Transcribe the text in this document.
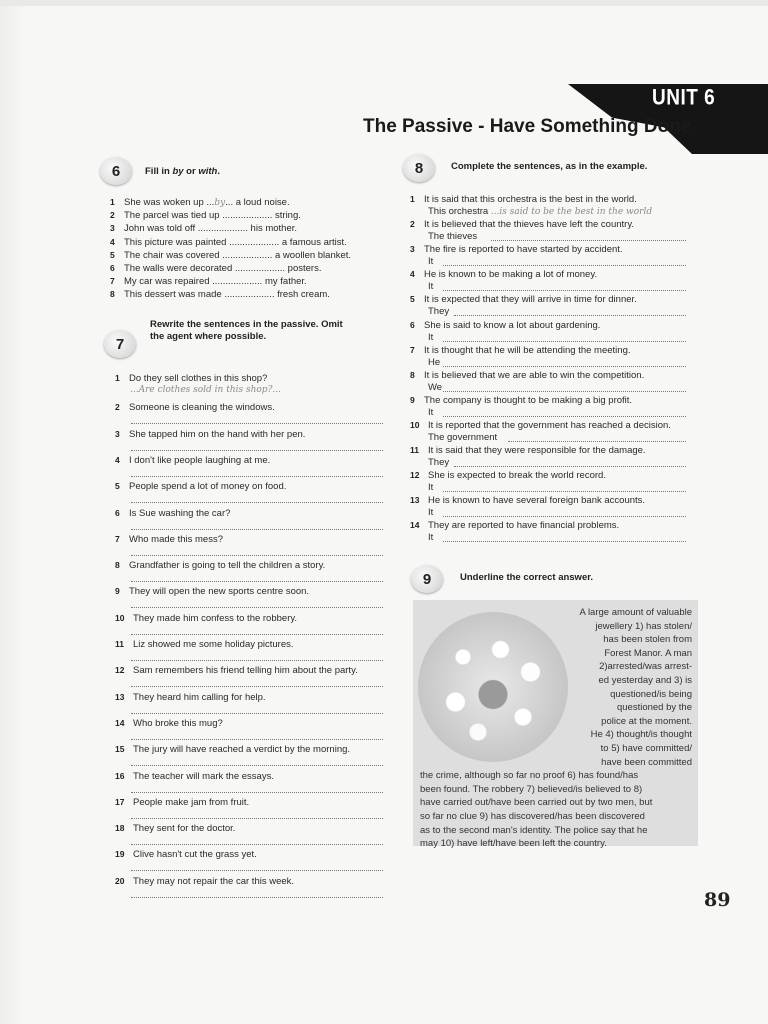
UNIT 6
The Passive - Have Something Done
6	Fill in by or with.
1 She was woken up ...by... a loud noise.
2 The parcel was tied up ................... string.
3 John was told off ................... his mother.
4 This picture was painted ................... a famous artist.
5 The chair was covered ................... a woollen blanket.
6 The walls were decorated ................... posters.
7 My car was repaired ................... my father.
8 This dessert was made ................... fresh cream.
7
Rewrite the sentences in the passive. Omit
the agent where possible.
1 Do they sell clothes in this shop?
...Are clothes sold in this shop?...
2 Someone is cleaning the windows.
3 She tapped him on the hand with her pen.
4 I don't like people laughing at me.
5 People spend a lot of money on food.
6 Is Sue washing the car?
7 Who made this mess?
8 Grandfather is going to tell the children a story.
9 They will open the new sports centre soon.
10 They made him confess to the robbery.
11 Liz showed me some holiday pictures.
12 Sam remembers his friend telling him about the party.
13 They heard him calling for help.
14 Who broke this mug?
15 The jury will have reached a verdict by the morning.
16 The teacher will mark the essays.
17 People make jam from fruit.
18 They sent for the doctor.
19 Clive hasn't cut the grass yet.
20 They may not repair the car this week.
8	Complete the sentences, as in the example.
1 It is said that this orchestra is the best in the world.
This orchestra ...is said to be the best in the world
2 It is believed that the thieves have left the country.
The thieves
3 The fire is reported to have started by accident.
It
4 He is known to be making a lot of money.
It
5 It is expected that they will arrive in time for dinner.
They
6 She is said to know a lot about gardening.
It
7 It is thought that he will be attending the meeting.
He
8 It is believed that we are able to win the competition.
We
9 The company is thought to be making a big profit.
It
10 It is reported that the government has reached a decision.
The government
11 It is said that they were responsible for the damage.
They
12 She is expected to break the world record.
It
13 He is known to have several foreign bank accounts.
It
14 They are reported to have financial problems.
It
9	Underline the correct answer.
A large amount of valuable
jewellery 1) has stolen/
has been stolen from
Forest Manor. A man
2)arrested/was arrest-
ed yesterday and 3) is
questioned/is being
questioned by the
police at the moment.
He 4) thought/is thought
to 5) have committed/
have been committed
the crime, although so far no proof 6) has found/has
been found. The robbery 7) believed/is believed to 8)
have carried out/have been carried out by two men, but
so far no clue 9) has discovered/has been discovered
as to the second man's identity. The police say that he
may 10) have left/have been left the country.
89
